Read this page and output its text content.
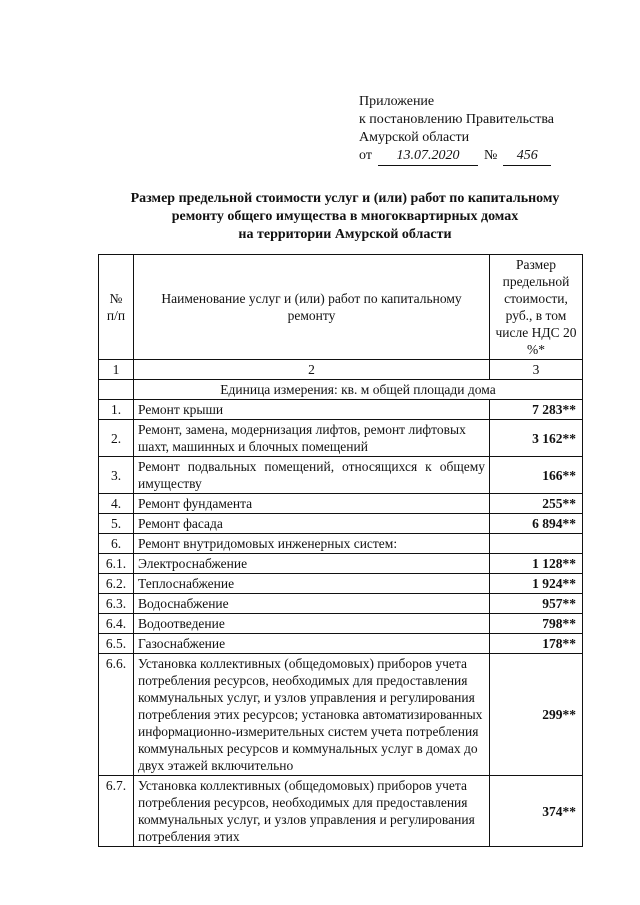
Приложение
к постановлению Правительства
Амурской области
от 13.07.2020 № 456
Размер предельной стоимости услуг и (или) работ по капитальному
ремонту общего имущества в многоквартирных домах
на территории Амурской области
№ п/п	Наименование услуг и (или) работ по капитальному ремонту	Размер предельной стоимости, руб., в том числе НДС 20 %*
1	2	3
	Единица измерения: кв. м общей площади дома	
1.	Ремонт крыши	7 283**
2.	Ремонт, замена, модернизация лифтов, ремонт лифтовых шахт, машинных и блочных помещений	3 162**
3.	Ремонт подвальных помещений, относящихся к общему имуществу	166**
4.	Ремонт фундамента	255**
5.	Ремонт фасада	6 894**
6.	Ремонт внутридомовых инженерных систем:	
6.1.	Электроснабжение	1 128**
6.2.	Теплоснабжение	1 924**
6.3.	Водоснабжение	957**
6.4.	Водоотведение	798**
6.5.	Газоснабжение	178**
6.6.	Установка коллективных (общедомовых) приборов учета потребления ресурсов, необходимых для предоставления коммунальных услуг, и узлов управления и регулирования потребления этих ресурсов; установка автоматизированных информационно-измерительных систем учета потребления коммунальных ресурсов и коммунальных услуг в домах до двух этажей включительно	299**
6.7.	Установка коллективных (общедомовых) приборов учета потребления ресурсов, необходимых для предоставления коммунальных услуг, и узлов управления и регулирования потребления этих	374**
